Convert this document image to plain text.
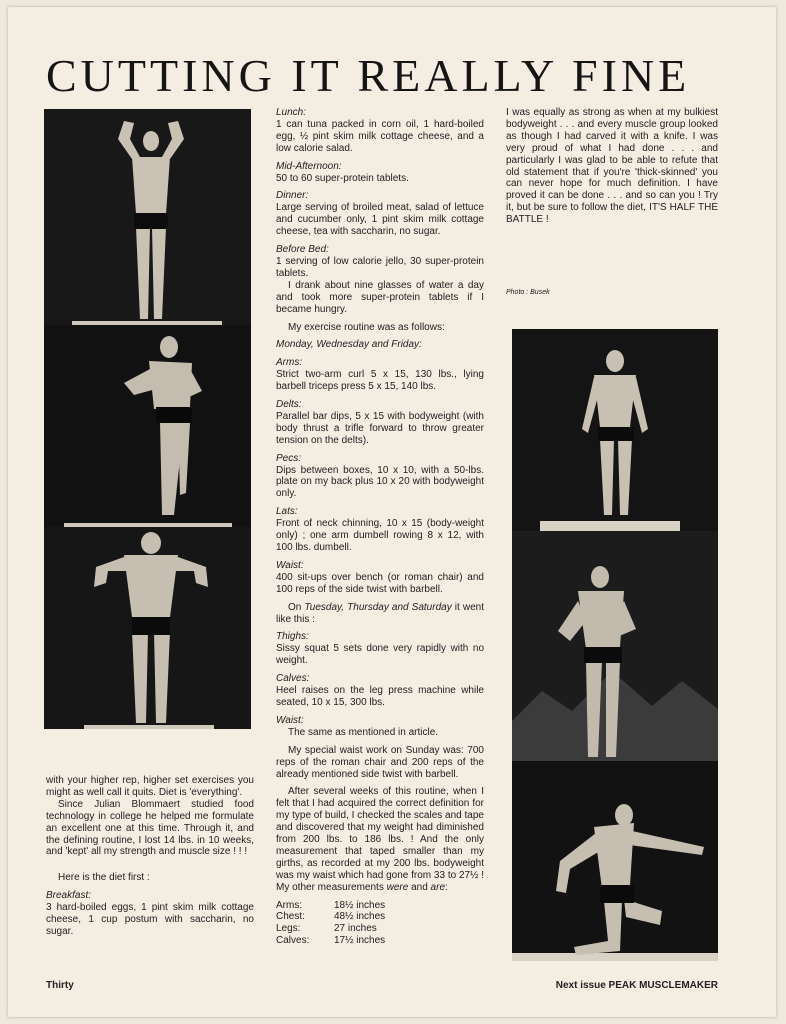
CUTTING IT REALLY FINE

with your higher rep, higher set exercises you might as well call it quits. Diet is 'everything'.

Since Julian Blommaert studied food technology in college he helped me formulate an excellent one at this time. Through it, and the defining routine, I lost 14 lbs. in 10 weeks, and 'kept' all my strength and muscle size ! ! !

Here is the diet first :

Breakfast:

3 hard-boiled eggs, 1 pint skim milk cottage cheese, 1 cup postum with saccharin, no sugar.

Lunch:

1 can tuna packed in corn oil, 1 hard-boiled egg, ½ pint skim milk cottage cheese, and a low calorie salad.

Mid-Afternoon:

50 to 60 super-protein tablets.

Dinner:

Large serving of broiled meat, salad of lettuce and cucumber only, 1 pint skim milk cottage cheese, tea with saccharin, no sugar.

Before Bed:

1 serving of low calorie jello, 30 super-protein tablets.

I drank about nine glasses of water a day and took more super-protein tablets if I became hungry.

My exercise routine was as follows:

Monday, Wednesday and Friday:

Arms:

Strict two-arm curl 5 x 15, 130 lbs., lying barbell triceps press 5 x 15, 140 lbs.

Delts:

Parallel bar dips, 5 x 15 with bodyweight (with body thrust a trifle forward to throw greater tension on the delts).

Pecs:

Dips between boxes, 10 x 10, with a 50-lbs. plate on my back plus 10 x 20 with bodyweight only.

Lats:

Front of neck chinning, 10 x 15 (body-weight only) ; one arm dumbell rowing 8 x 12, with 100 lbs. dumbell.

Waist:

400 sit-ups over bench (or roman chair) and 100 reps of the side twist with barbell.

On Tuesday, Thursday and Saturday it went like this :

Thighs:

Sissy squat 5 sets done very rapidly with no weight.

Calves:

Heel raises on the leg press machine while seated, 10 x 15, 300 lbs.

Waist:

The same as mentioned in article.

My special waist work on Sunday was: 700 reps of the roman chair and 200 reps of the already mentioned side twist with barbell.

After several weeks of this routine, when I felt that I had acquired the correct definition for my type of build, I checked the scales and tape and discovered that my weight had diminished from 200 lbs. to 186 lbs. ! And the only measurement that taped smaller than my girths, as recorded at my 200 lbs. bodyweight was my waist which had gone from 33 to 27½ ! My other measurements were and are:

Arms:	18½ inches
Chest:	48½ inches
Legs:	27 inches
Calves:	17½ inches

I was equally as strong as when at my bulkiest bodyweight . . . and every muscle group looked as though I had carved it with a knife. I was very proud of what I had done . . . and particularly I was glad to be able to refute that old statement that if you're 'thick-skinned' you can never hope for much definition. I have proved it can be done . . . and so can you ! Try it, but be sure to follow the diet, IT'S HALF THE BATTLE !

Photo : Busek
Thirty	Next issue PEAK MUSCLEMAKER
